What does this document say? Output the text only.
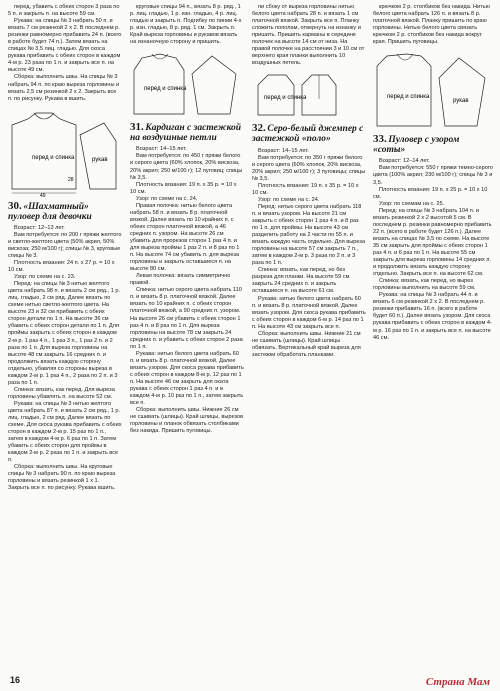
перед, убавить с обеих сторон 3 раза по 5 п. и закрыть п. на высоте 59 см.

Рукава: на спицы № 3 набрать 50 п. и вязать 7 см резинкой 2 х 2. В последнем р. резинки равномерно прибавить 24 п. (всего в работе будет 74 п.). Затем вязать на спицах № 3,5 лиц. гладью. Для скоса рукава прибавить с обеих сторон в каждом 4-м р. 23 раза по 1 п. и закрыть все п. на высоте 49 см.

Сборка: выполнить швы. На спицы № 3 набрать 94 п. по краю выреза горловины и вязать 2,5 см резинкой 2 х 2. Закрыть все п. по рисунку. Рукава в вшить.

перед и спинка	рукав
28
49
30. «Шахматный» пуловер для девочки

Возраст: 12–13 лет.

Вам потребуется: по 200 г пряжи желтого и светло-желтого цвета (50% акрил, 50% вискоза; 250 м/100 г); спицы № 3, круговые спицы № 3.

Плотность вязания: 24 п. х 27 р. = 10 х 10 см.

Узор: по схеме на с. 23.

Перед: на спицы № 3 нитью желтого цвета набрать 98 п. и вязать 2 см ряд., 1 р. лиц. гладью, 2 см ряд. Далее вязать по схеме нитью светло-желтого цвета. На высоте 23 и 32 см прибавить с обеих сторон детали по 1 п. На высоте 36 см убавить с обеих сторон детали по 1 п. Для проймы закрыть с обеих сторон в каждом 2-м р. 1 раз 4 п., 1 раз 3 п., 1 раз 2 п. и 2 раза по 1 п. Для выреза горловины на высоте 48 см закрыть 16 средних п. и продолжить вязать каждую сторону отдельно, убавляя со стороны выреза в каждом 2-м р. 1 раз 4 п., 2 раза по 2 п. и 3 раза по 1 п.

Спинка: вязать, как перед. Для выреза горловины убавлять п. на высоте 52 см.

Рукава: на спицы № 3 нитью желтого цвета набрать 87 п. и вязать 2 см ряд., 1 р. лиц. гладью, 2 см ряд. Далее вязать по схеме. Для скоса рукава прибавить с обеих сторон в каждом 2-м р. 15 раз по 1 п., затем в каждом 4-м р. 6 раз по 1 п. Затем убавить с обеих сторон для проймы в каждом 2-м р. 2 раза по 1 п. и закрыть все п.

Сборка: выполнить швы. На круговые спицы № 3 набрать 90 п. по краю выреза горловины и вязать резинкой 1 х 1. Закрыть все п. по рисунку. Рукава вшить.

круговые спицы 94 п., вязать 8 р. ряд., 1 р. лиц. гладью, 1 р. изн. гладью, 4 р. лиц. гладью и закрыть п. Подгибку по линии 4-х р. изн. гладью, 8 р. ряд. 1 см. Закрыть п. Край выреза горловины и рукавов вязать на изнаночную сторону и пришить.

перед и спинка
31. Кардиган с застежкой на воздушные петли

Возраст: 14–15 лет.

Вам потребуется: по 450 г пряжи белого и серого цвета (60% хлопок, 20% вискоза, 20% акрил; 250 м/100 г); 12 пуговиц; спицы № 3,5.

Плотность вязания: 19 п. х 35 р. = 10 х 10 см.

Узор: по схеме на с. 24.

Правая полочка: нитью белого цвета набрать 58 п. и вязать 8 р. платочной вязкой. Далее вязать по 10 крайних п. с обеих сторон платочной вязкой, а 46 средних п. узором. На высоте 26 см убавить для прорезов сторон 1 раз 4 п. и для выреза проймы 1 раз 2 п. и 8 раз по 1 п. На высоте 74 см убавить п. для выреза горловины и закрыть оставшиеся п. на высоте 80 см.

Левая полочка: вязать симметрично правой.

Спинка: нитью серого цвета набрать 110 п. и вязать 8 р. платочной вязкой. Далее вязать по 10 крайних п. с обеих сторон платочной вязкой, а 90 средних п. узором. На высоте 26 см убавить с обеих сторон 1 раз 4 п. и 8 раз по 1 п. Для выреза горловины на высоте 78 см закрыть 24 средних п. и убавить с обеих сторон 2 раза по 1 п.

Рукава: нитью белого цвета набрать 60 п. и вязать 8 р. платочной вязкой. Далее вязать узором. Для скоса рукава прибавить с обеих сторон в каждом 8-м р. 12 раз по 1 п. На высоте 46 см закрыть для оката рукава с обеих сторон 1 раз 4 п. и в каждом 4-м р. 10 раз по 1 п., затем закрыть все п.

Сборка: выполнить швы. Нижние 26 см не сшивать (шлицы). Край шлицы, вырезов горловины и планок обвязать столбиками без накида. Пришить пуговицы.

пи сбоку от выреза горловины нитью белого цвета набрать 28 п. и вязать 1 см платочной вязкой. Закрыть все п. Планку сложить пополам, отвернуть на изнанку и пришить. Пришить карманы в середине полочек на высоте 14 см от низа. На правой полочке на расстоянии 3 и 10 см от верхнего края планки выполнить 10 воздушных петель.

перед и спинка
32. Серо-белый джемпер с застежкой «поло»

Возраст: 14–15 лет.

Вам потребуется: по 350 г пряжи белого и серого цвета (60% хлопок, 20% вискоза, 20% акрил; 250 м/100 г); 3 пуговицы; спицы № 3,5.

Плотность вязания: 19 п. х 35 р. = 10 х 10 см.

Узор: по схеме на с. 24.

Перед: нитью серого цвета набрать 118 п. и вязать узором. На высоте 21 см закрыть с обеих сторон 1 раз 4 п. и 8 раз по 1 п. для проймы. На высоте 43 см разделить работу на 2 части по 55 п. и вязать каждую часть отдельно. Для выреза горловины на высоте 57 см закрыть 7 п., затем в каждом 2-м р. 3 раза по 2 п. и 3 раза по 1 п.

Спинка: вязать, как перед, но без разреза для планки. На высоте 59 см закрыть 24 средних п. и закрыть оставшиеся п. на высоте 61 см.

Рукава: нитью белого цвета набрать 60 п. и вязать 8 р. платочной вязкой. Далее вязать узором. Для скоса рукава прибавить с обеих сторон в каждом 6-м р. 14 раз по 1 п. На высоте 43 см закрыть все п.

Сборка: выполнить швы. Нижние 21 см не сшивать (шлицы). Край шлицы обвязать. Вертикальный край выреза для застежки обработать планками.

крючком 2 р. столбиков без накида. Нитью белого цвета набрать 126 п. и вязать 8 р. платочной вязкой. Планку пришить по краю горловины. Нитью белого цвета связать крючком 2 р. столбиков без накида вокруг края. Пришить пуговицы.

перед и спинка
рукав
33. Пуловер с узором «соты»

Возраст: 12–14 лет.

Вам потребуется: 550 г пряжи темно-серого цвета (100% акрил; 230 м/100 г); спицы № 3 и 3,5.

Плотность вязания: 19 п. х 25 р. = 10 х 10 см.

Узор: по схемам на с. 25.

Перед: на спицы № 3 набрать 104 п. и вязать резинкой 2 х 2 высотой 5 см. В последнем р. резинки равномерно прибавить 22 п. (всего в работе будет 126 п.). Далее вязать на спицах № 3,5 по схеме. На высоте 35 см закрыть для проймы с обеих сторон 1 раз 4 п. и 6 раз по 1 п. На высоте 55 см закрыть для выреза горловины 14 средних п. и продолжить вязать каждую сторону отдельно. Закрыть все п. на высоте 62 см.

Спинка: вязать, как перед, но вырез горловины выполнить на высоте 59 см.

Рукава: на спицы № 3 набрать 44 п. и вязать 6 см резинкой 2 х 2. В последнем р. резинки прибавить 16 п. (всего в работе будет 60 п.). Далее вязать узором. Для скоса рукава прибавить с обеих сторон в каждом 4-м р. 16 раз по 1 п. и закрыть все п. на высоте 46 см.

16	Страна Мам
